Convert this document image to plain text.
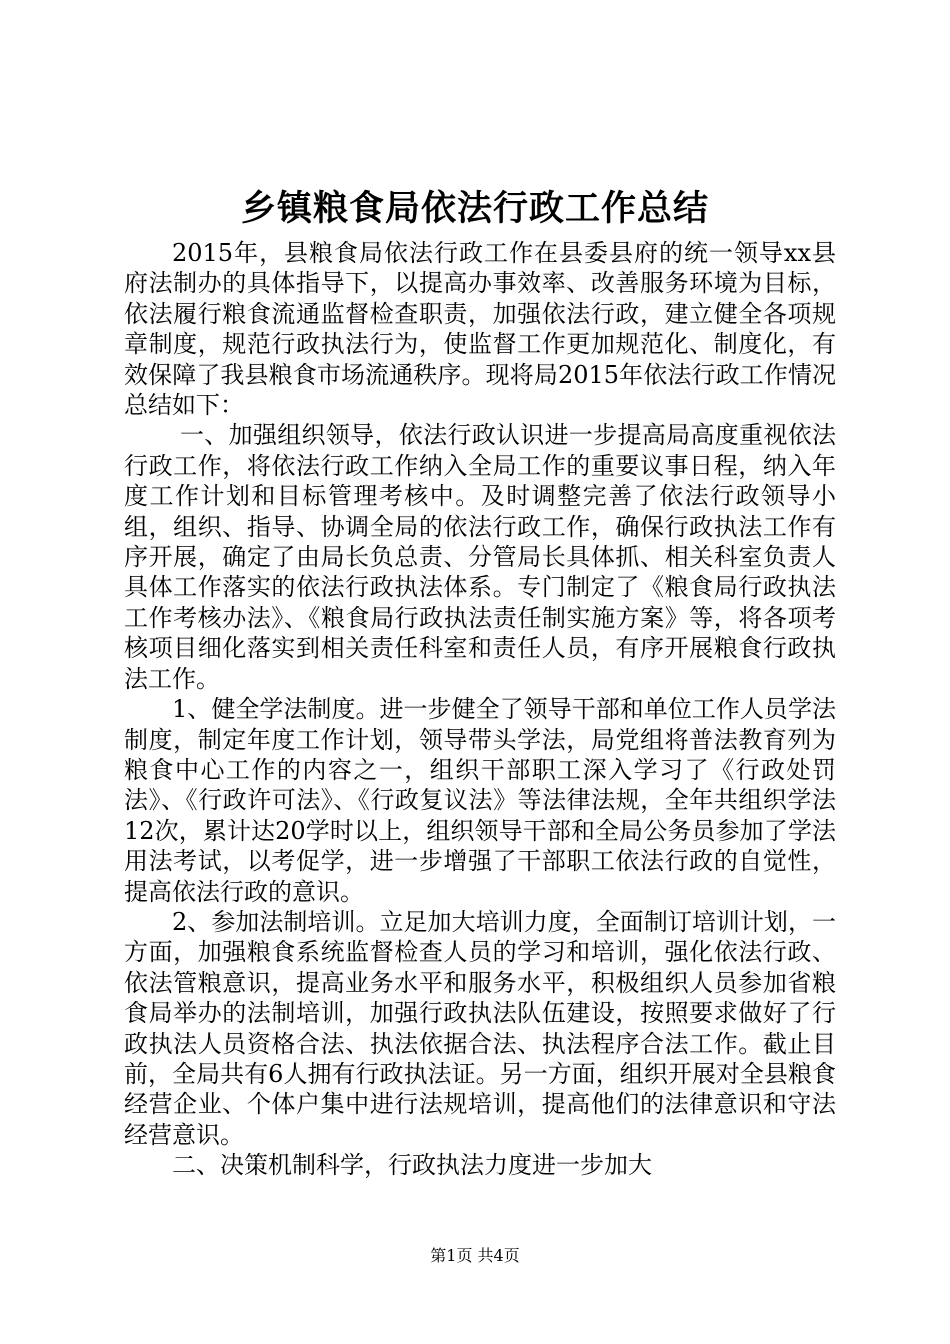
乡镇粮食局依法行政工作总结

2015年，县粮食局依法行政工作在县委县府的统一领导xx县府法制办的具体指导下，以提高办事效率、改善服务环境为目标，依法履行粮食流通监督检查职责，加强依法行政，建立健全各项规章制度，规范行政执法行为，使监督工作更加规范化、制度化，有效保障了我县粮食市场流通秩序。现将局2015年依法行政工作情况总结如下：

一、加强组织领导，依法行政认识进一步提高局高度重视依法行政工作，将依法行政工作纳入全局工作的重要议事日程，纳入年度工作计划和目标管理考核中。及时调整完善了依法行政领导小组，组织、指导、协调全局的依法行政工作，确保行政执法工作有序开展，确定了由局长负总责、分管局长具体抓、相关科室负责人具体工作落实的依法行政执法体系。专门制定了《粮食局行政执法工作考核办法》、《粮食局行政执法责任制实施方案》等，将各项考核项目细化落实到相关责任科室和责任人员，有序开展粮食行政执法工作。

1、健全学法制度。进一步健全了领导干部和单位工作人员学法制度，制定年度工作计划，领导带头学法，局党组将普法教育列为粮食中心工作的内容之一，组织干部职工深入学习了《行政处罚法》、《行政许可法》、《行政复议法》等法律法规，全年共组织学法12次，累计达20学时以上，组织领导干部和全局公务员参加了学法用法考试，以考促学，进一步增强了干部职工依法行政的自觉性，提高依法行政的意识。

2、参加法制培训。立足加大培训力度，全面制订培训计划，一方面，加强粮食系统监督检查人员的学习和培训，强化依法行政、依法管粮意识，提高业务水平和服务水平，积极组织人员参加省粮食局举办的法制培训，加强行政执法队伍建设，按照要求做好了行政执法人员资格合法、执法依据合法、执法程序合法工作。截止目前，全局共有6人拥有行政执法证。另一方面，组织开展对全县粮食经营企业、个体户集中进行法规培训，提高他们的法律意识和守法经营意识。

二、决策机制科学，行政执法力度进一步加大

第1页 共4页
